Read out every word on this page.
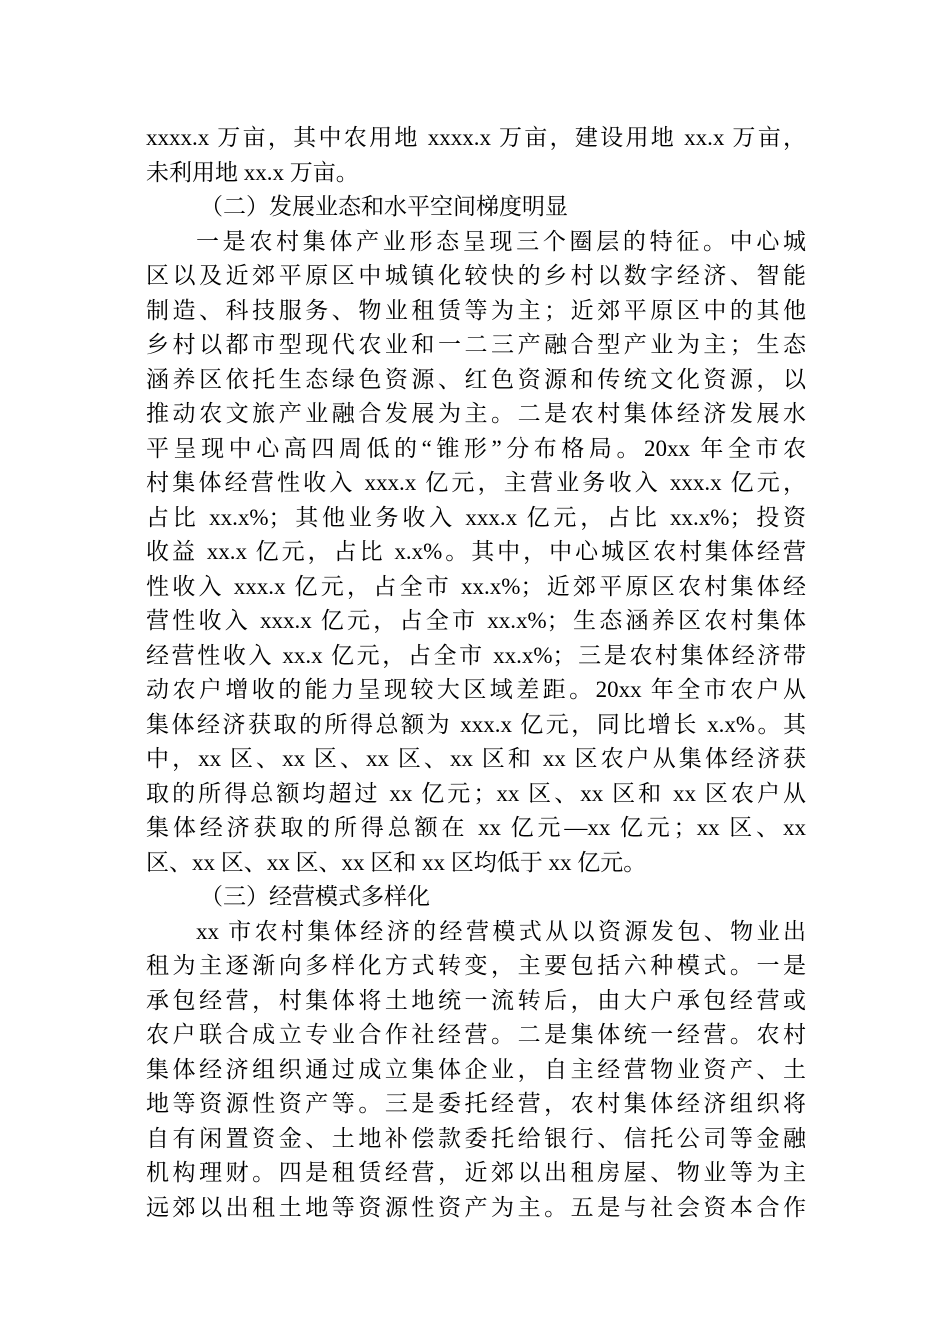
xxxx.x 万亩，其中农用地 xxxx.x 万亩，建设用地 xx.x 万亩，
未利用地 xx.x 万亩。
（二）发展业态和水平空间梯度明显
一是农村集体产业形态呈现三个圈层的特征。中心城
区以及近郊平原区中城镇化较快的乡村以数字经济、智能
制造、科技服务、物业租赁等为主；近郊平原区中的其他
乡村以都市型现代农业和一二三产融合型产业为主；生态
涵养区依托生态绿色资源、红色资源和传统文化资源，以
推动农文旅产业融合发展为主。二是农村集体经济发展水
平呈现中心高四周低的“锥形”分布格局。20xx 年全市农
村集体经营性收入 xxx.x 亿元，主营业务收入 xxx.x 亿元，
占比 xx.x%；其他业务收入 xxx.x 亿元，占比 xx.x%；投资
收益 xx.x 亿元，占比 x.x%。其中，中心城区农村集体经营
性收入 xxx.x 亿元，占全市 xx.x%；近郊平原区农村集体经
营性收入 xxx.x 亿元，占全市 xx.x%；生态涵养区农村集体
经营性收入 xx.x 亿元，占全市 xx.x%；三是农村集体经济带
动农户增收的能力呈现较大区域差距。20xx 年全市农户从
集体经济获取的所得总额为 xxx.x 亿元，同比增长 x.x%。其
中，xx 区、xx 区、xx 区、xx 区和 xx 区农户从集体经济获
取的所得总额均超过 xx 亿元；xx 区、xx 区和 xx 区农户从
集体经济获取的所得总额在 xx 亿元—xx 亿元；xx 区、xx
区、xx 区、xx 区、xx 区和 xx 区均低于 xx 亿元。
（三）经营模式多样化
xx 市农村集体经济的经营模式从以资源发包、物业出
租为主逐渐向多样化方式转变，主要包括六种模式。一是
承包经营，村集体将土地统一流转后，由大户承包经营或
农户联合成立专业合作社经营。二是集体统一经营。农村
集体经济组织通过成立集体企业，自主经营物业资产、土
地等资源性资产等。三是委托经营，农村集体经济组织将
自有闲置资金、土地补偿款委托给银行、信托公司等金融
机构理财。四是租赁经营，近郊以出租房屋、物业等为主
远郊以出租土地等资源性资产为主。五是与社会资本合作
